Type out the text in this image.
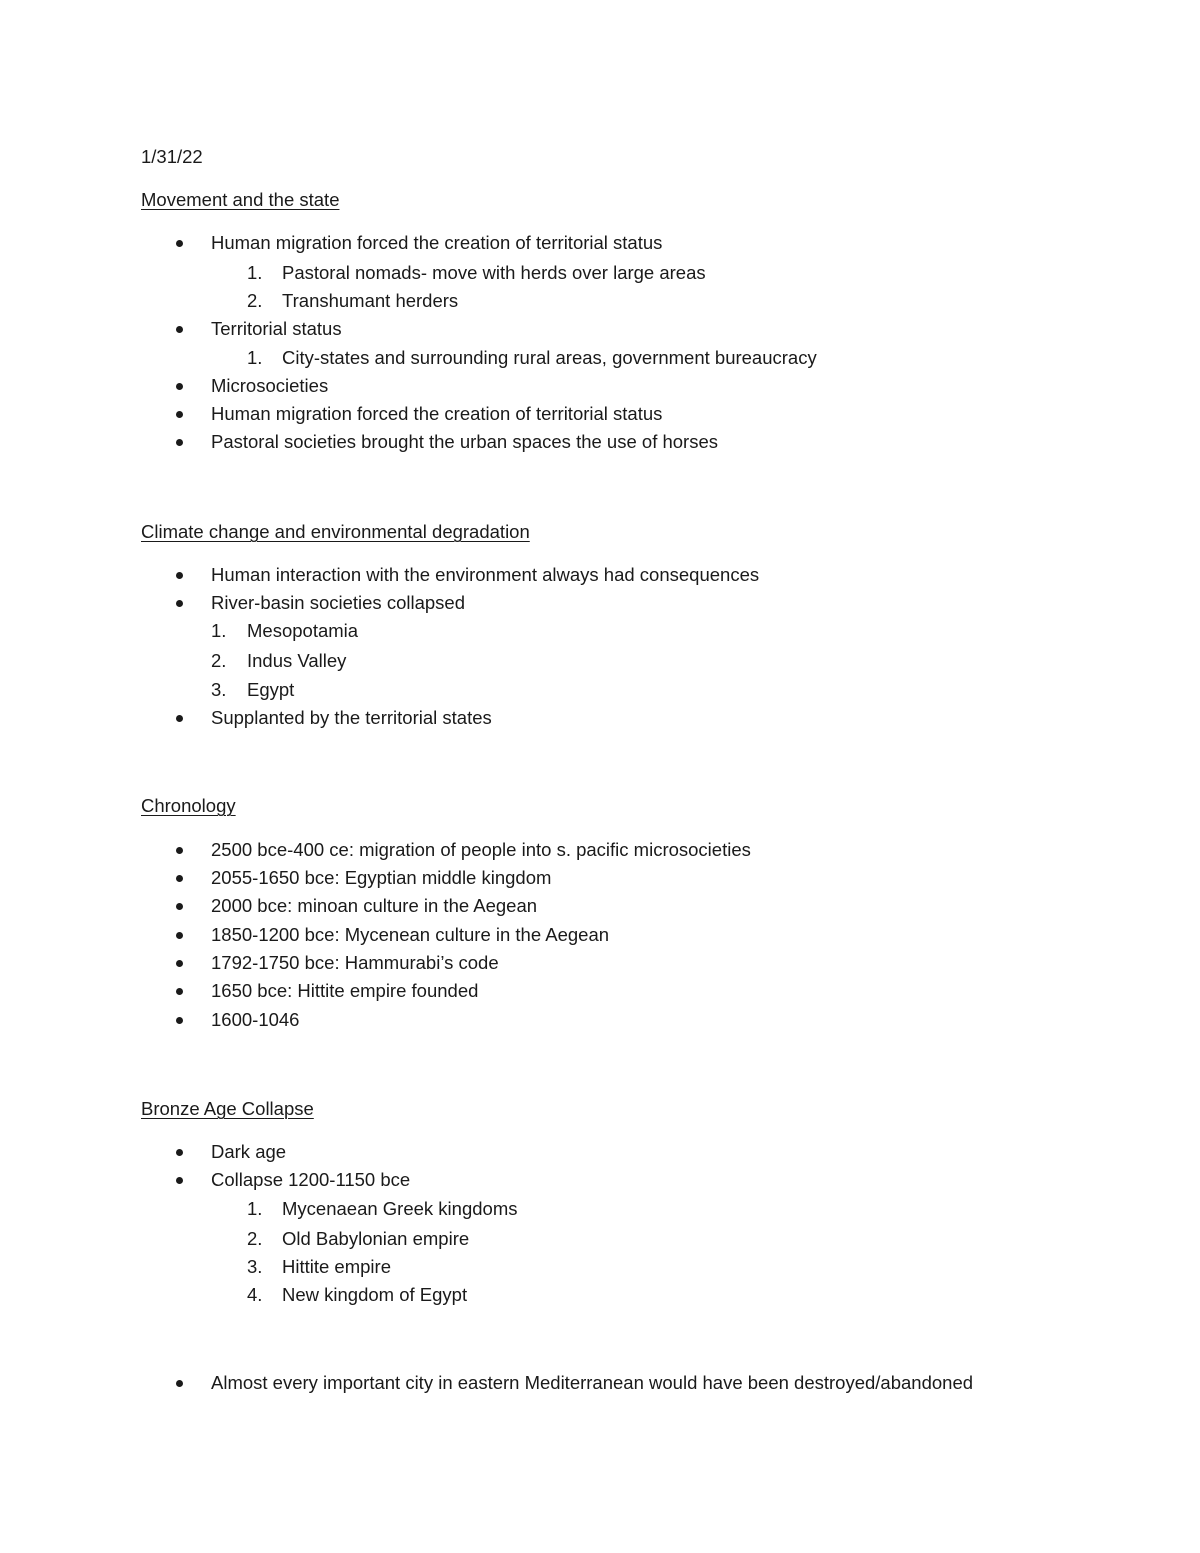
1/31/22
Movement and the state
Human migration forced the creation of territorial status
1. Pastoral nomads- move with herds over large areas
2. Transhumant herders
Territorial status
1. City-states and surrounding rural areas, government bureaucracy
Microsocieties
Human migration forced the creation of territorial status
Pastoral societies brought the urban spaces the use of horses
Climate change and environmental degradation
Human interaction with the environment always had consequences
River-basin societies collapsed
1. Mesopotamia
2. Indus Valley
3. Egypt
Supplanted by the territorial states
Chronology
2500 bce-400 ce: migration of people into s. pacific microsocieties
2055-1650 bce: Egyptian middle kingdom
2000 bce: minoan culture in the Aegean
1850-1200 bce: Mycenean culture in the Aegean
1792-1750 bce: Hammurabi’s code
1650 bce: Hittite empire founded
1600-1046
Bronze Age Collapse
Dark age
Collapse 1200-1150 bce
1. Mycenaean Greek kingdoms
2. Old Babylonian empire
3. Hittite empire
4. New kingdom of Egypt
Almost every important city in eastern Mediterranean would have been destroyed/abandoned
